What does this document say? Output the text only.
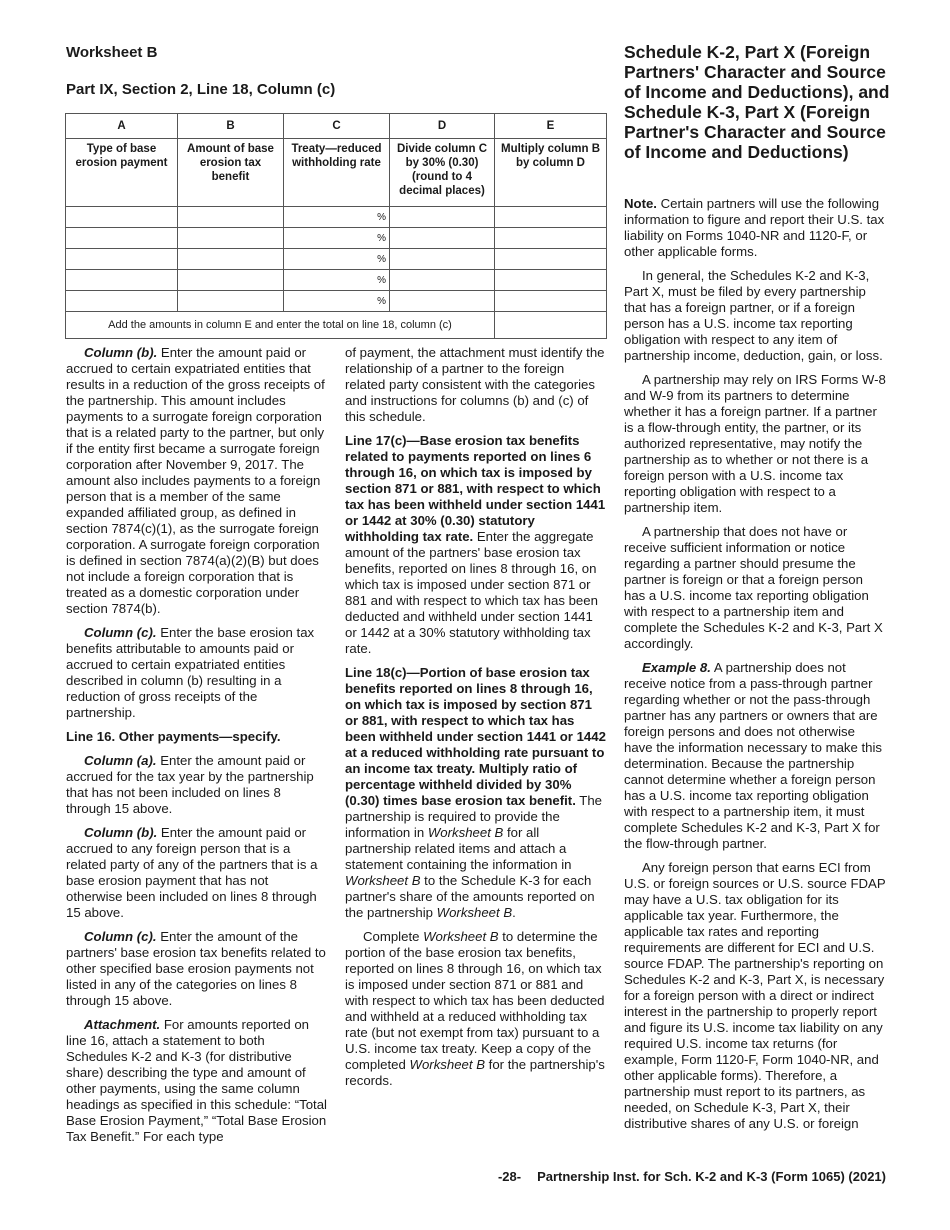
Worksheet B
Part IX, Section 2, Line 18, Column (c)
A	B	C	D	E
Type of base erosion payment	Amount of base erosion tax benefit	Treaty—reduced withholding rate	Divide column C by 30% (0.30) (round to 4 decimal places)	Multiply column B by column D
		%		
		%		
		%		
		%		
		%		
Add the amounts in column E and enter the total on line 18, column (c)				

Column (b). Enter the amount paid or accrued to certain expatriated entities that results in a reduction of the gross receipts of the partnership. This amount includes payments to a surrogate foreign corporation that is a related party to the partner, but only if the entity first became a surrogate foreign corporation after November 9, 2017. The amount also includes payments to a foreign person that is a member of the same expanded affiliated group, as defined in section 7874(c)(1), as the surrogate foreign corporation. A surrogate foreign corporation is defined in section 7874(a)(2)(B) but does not include a foreign corporation that is treated as a domestic corporation under section 7874(b).

Column (c). Enter the base erosion tax benefits attributable to amounts paid or accrued to certain expatriated entities described in column (b) resulting in a reduction of gross receipts of the partnership.

Line 16. Other payments—specify.

Column (a). Enter the amount paid or accrued for the tax year by the partnership that has not been included on lines 8 through 15 above.

Column (b). Enter the amount paid or accrued to any foreign person that is a related party of any of the partners that is a base erosion payment that has not otherwise been included on lines 8 through 15 above.

Column (c). Enter the amount of the partners' base erosion tax benefits related to other specified base erosion payments not listed in any of the categories on lines 8 through 15 above.

Attachment. For amounts reported on line 16, attach a statement to both Schedules K-2 and K-3 (for distributive share) describing the type and amount of other payments, using the same column headings as specified in this schedule: “Total Base Erosion Payment,” “Total Base Erosion Tax Benefit.” For each type

of payment, the attachment must identify the relationship of a partner to the foreign related party consistent with the categories and instructions for columns (b) and (c) of this schedule.

Line 17(c)—Base erosion tax benefits related to payments reported on lines 6 through 16, on which tax is imposed by section 871 or 881, with respect to which tax has been withheld under section 1441 or 1442 at 30% (0.30) statutory withholding tax rate. Enter the aggregate amount of the partners' base erosion tax benefits, reported on lines 8 through 16, on which tax is imposed under section 871 or 881 and with respect to which tax has been deducted and withheld under section 1441 or 1442 at a 30% statutory withholding tax rate.

Line 18(c)—Portion of base erosion tax benefits reported on lines 8 through 16, on which tax is imposed by section 871 or 881, with respect to which tax has been withheld under section 1441 or 1442 at a reduced withholding rate pursuant to an income tax treaty. Multiply ratio of percentage withheld divided by 30% (0.30) times base erosion tax benefit. The partnership is required to provide the information in Worksheet B for all partnership related items and attach a statement containing the information in Worksheet B to the Schedule K-3 for each partner's share of the amounts reported on the partnership Worksheet B.

Complete Worksheet B to determine the portion of the base erosion tax benefits, reported on lines 8 through 16, on which tax is imposed under section 871 or 881 and with respect to which tax has been deducted and withheld at a reduced withholding tax rate (but not exempt from tax) pursuant to a U.S. income tax treaty. Keep a copy of the completed Worksheet B for the partnership's records.

Schedule K-2, Part X (Foreign Partners' Character and Source of Income and Deductions), and Schedule K-3, Part X (Foreign Partner's Character and Source of Income and Deductions)

Note. Certain partners will use the following information to figure and report their U.S. tax liability on Forms 1040-NR and 1120-F, or other applicable forms.

In general, the Schedules K-2 and K-3, Part X, must be filed by every partnership that has a foreign partner, or if a foreign person has a U.S. income tax reporting obligation with respect to any item of partnership income, deduction, gain, or loss.

A partnership may rely on IRS Forms W-8 and W-9 from its partners to determine whether it has a foreign partner. If a partner is a flow-through entity, the partner, or its authorized representative, may notify the partnership as to whether or not there is a foreign person with a U.S. income tax reporting obligation with respect to a partnership item.

A partnership that does not have or receive sufficient information or notice regarding a partner should presume the partner is foreign or that a foreign person has a U.S. income tax reporting obligation with respect to a partnership item and complete the Schedules K-2 and K-3, Part X accordingly.

Example 8. A partnership does not receive notice from a pass-through partner regarding whether or not the pass-through partner has any partners or owners that are foreign persons and does not otherwise have the information necessary to make this determination. Because the partnership cannot determine whether a foreign person has a U.S. income tax reporting obligation with respect to a partnership item, it must complete Schedules K-2 and K-3, Part X for the flow-through partner.

Any foreign person that earns ECI from U.S. or foreign sources or U.S. source FDAP may have a U.S. tax obligation for its applicable tax year. Furthermore, the applicable tax rates and reporting requirements are different for ECI and U.S. source FDAP. The partnership's reporting on Schedules K-2 and K-3, Part X, is necessary for a foreign person with a direct or indirect interest in the partnership to properly report and figure its U.S. income tax liability on any required U.S. income tax returns (for example, Form 1120-F, Form 1040-NR, and other applicable forms). Therefore, a partnership must report to its partners, as needed, on Schedule K-3, Part X, their distributive shares of any U.S. or foreign

-28- Partnership Inst. for Sch. K-2 and K-3 (Form 1065) (2021)
